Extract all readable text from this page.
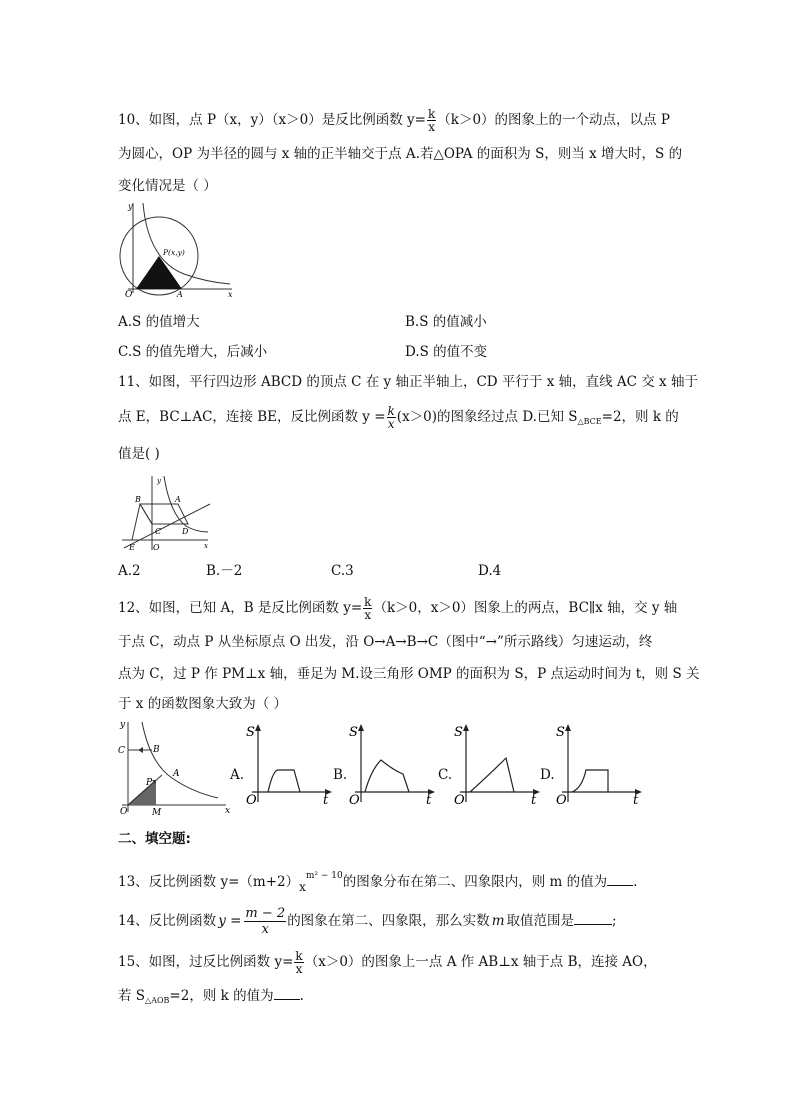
10、如图，点 P（x，y）（x＞0）是反比例函数 $y= \frac{k}{x} (k>0)$的图象上的一个动点，以点 P
为圆心，OP 为半径的圆与 x 轴的正半轴交于点 A.若△OPA 的面积为 S，则当 x 增大时，S 的
变化情况是（ ）
y
x
O	A
P(x,y)
A.S 的值增大	B.S 的值减小
C.S 的值先增大，后减小	D.S 的值不变
11、如图，平行四边形 ABCD 的顶点 C 在 y 轴正半轴上，CD 平行于 x 轴，直线 AC 交 x 轴于
点 E，BC⊥AC，连接 BE，反比例函数 $y = \frac{k}{x} (x>0)$的图象经过点 D.已知 $S_{\triangle BCE}=2$，则 k 的
值是( )
y
x
A
B
C	D
E O
A.2	B.－2	C.3	D.4
12、如图，已知 A，B 是反比例函数 $y= \frac{k}{x} (k>0$，x＞0）图象上的两点，BC∥x 轴，交 y 轴
于点 C，动点 P 从坐标原点 O 出发，沿 O→A→B→C（图中“→”所示路线）匀速运动，终
点为 C，过 P 作 PM⊥x 轴，垂足为 M.设三角形 OMP 的面积为 S，P 点运动时间为 t，则 S 关
于 x 的函数图象大致为（ ）
y
x
C	B
P
A
O	M
A.
S
t
O
B.
S
t
O
C.
S
t
O
D.
S
t
O
二、填空题:
13、反比例函数 $y=(m+2)x^{m^2 - 10}$的图象分布在第二、四象限内，则 m 的值为 .
14、反比例函数 $y = \frac{m - 2}{x}$ 的图象在第二、四象限，那么实数 m 取值范围是	;
15、如图，过反比例函数 $y= \frac{k}{x} (x>0)$的图象上一点 A 作 AB⊥x 轴于点 B，连接 AO，
若 $S_{\triangle AOB}=2$，则 k 的值为 .
